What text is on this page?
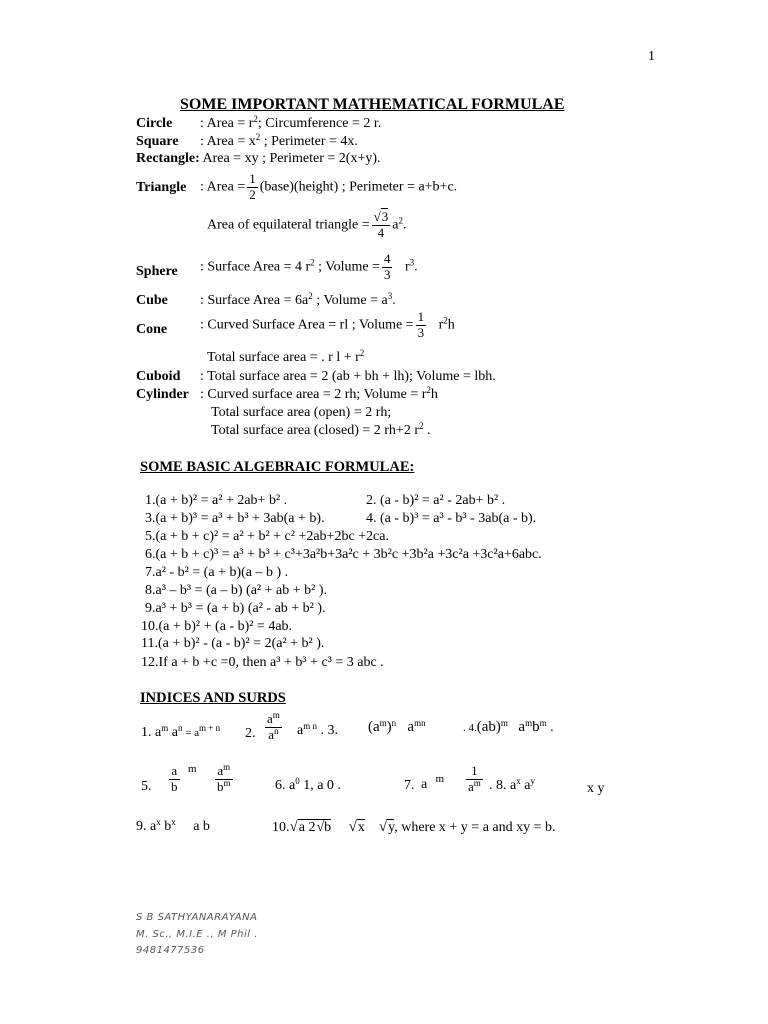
1
SOME IMPORTANT MATHEMATICAL FORMULAE
Circle : Area = $r^2$; Circumference = 2 r.
Square : Area = $x^2$ ; Perimeter = 4x.
Rectangle: Area = xy ; Perimeter = 2(x+y).
Triangle : Area = $\frac{1}{2}$ (base)(height) ; Perimeter = a+b+c.
Area of equilateral triangle = $\frac{√3}{4} a^2$.
Sphere : Surface Area = 4 $r^2$ ; Volume = $\frac{4}{3} r^3$.
Cube : Surface Area = $6a^2$ ; Volume = $a^3$.
Cone : Curved Surface Area = rl ; Volume = $\frac{1}{3} r^2h$
Total surface area = . r $l + r^2$
Cuboid : Total surface area = 2 (ab + bh + lh); Volume = lbh.
Cylinder : Curved surface area = 2 rh; Volume = $r^2h$
Total surface area (open) = 2 rh;
Total surface area (closed) = 2 rh+2 $r^2$ .
SOME BASIC ALGEBRAIC FORMULAE:
1.(a + b)² = a² + 2ab+ b² .	2. (a - b)² = a² - 2ab+ b² .
3.(a + b)³ = a³ + b³ + 3ab(a + b).	4. (a - b)³ = a³ - b³ - 3ab(a - b).
5.(a + b + c)² = a² + b² + c² +2ab+2bc +2ca.
6.(a + b + c)³ = a³ + b³ + c³+3a²b+3a²c + 3b²c +3b²a +3c²a +3c²a+6abc.
7.a² - b² = (a + b)(a – b ) .
8.a³ – b³ = (a – b) (a² + ab + b² ).
9.a³ + b³ = (a + b) (a² - ab + b² ).
10.(a + b)² + (a - b)² = 4ab.
11.(a + b)² - (a - b)² = 2(a² + b² ).
12.If a + b +c =0, then a³ + b³ + c³ = 3 abc .
INDICES AND SURDS
1. $a^m$ $a^n = a^{m + n}$ 2. $\frac{a^m}{a^n} a^{m n}$ . 3. $(a^m)^n$ $a^{mn}$	. 4.(ab)$^m$ $a^mb^m$ .
5. $\frac{a}{b}$ m $\frac{a^m}{b^m}$	6. $a^0$ 1, a 0 .	7. a $^m \frac{1}{a^m}$ . 8. $a^x$ $a^y$	x y
9. $a^x$ $b^x$ a b	10.√a 2√b √x √y, where x + y = a and xy = b.
S B SATHYANARAYANA
M. Sc., M.I.E ., M Phil .
9481477536
